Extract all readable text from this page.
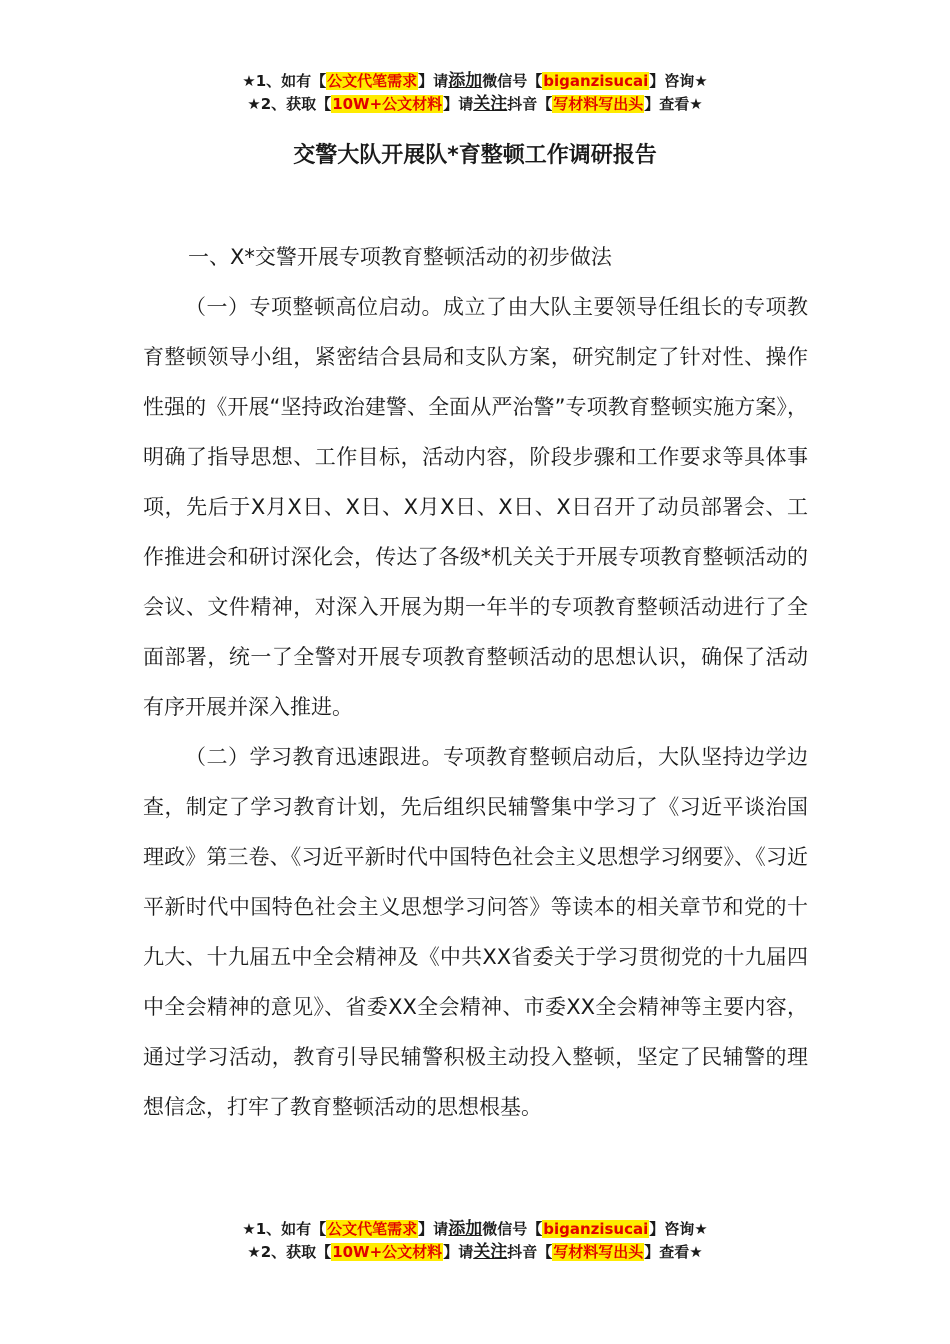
★1、如有【公文代笔需求】请添加微信号【biganzisucai】咨询★
★2、获取【10W+公文材料】请关注抖音【写材料写出头】查看★
交警大队开展队*育整顿工作调研报告

一、X*交警开展专项教育整顿活动的初步做法

（一）专项整顿高位启动。成立了由大队主要领导任组长的专项教育整顿领导小组，紧密结合县局和支队方案，研究制定了针对性、操作性强的《开展“坚持政治建警、全面从严治警”专项教育整顿实施方案》，明确了指导思想、工作目标，活动内容，阶段步骤和工作要求等具体事项，先后于X月X日、X日、X月X日、X日、X日召开了动员部署会、工作推进会和研讨深化会，传达了各级*机关关于开展专项教育整顿活动的会议、文件精神，对深入开展为期一年半的专项教育整顿活动进行了全面部署，统一了全警对开展专项教育整顿活动的思想认识，确保了活动有序开展并深入推进。

（二）学习教育迅速跟进。专项教育整顿启动后，大队坚持边学边查，制定了学习教育计划，先后组织民辅警集中学习了《习近平谈治国理政》第三卷、《习近平新时代中国特色社会主义思想学习纲要》、《习近平新时代中国特色社会主义思想学习问答》等读本的相关章节和党的十九大、十九届五中全会精神及《中共XX省委关于学习贯彻党的十九届四中全会精神的意见》、省委XX全会精神、市委XX全会精神等主要内容，通过学习活动，教育引导民辅警积极主动投入整顿，坚定了民辅警的理想信念，打牢了教育整顿活动的思想根基。

★1、如有【公文代笔需求】请添加微信号【biganzisucai】咨询★
★2、获取【10W+公文材料】请关注抖音【写材料写出头】查看★
